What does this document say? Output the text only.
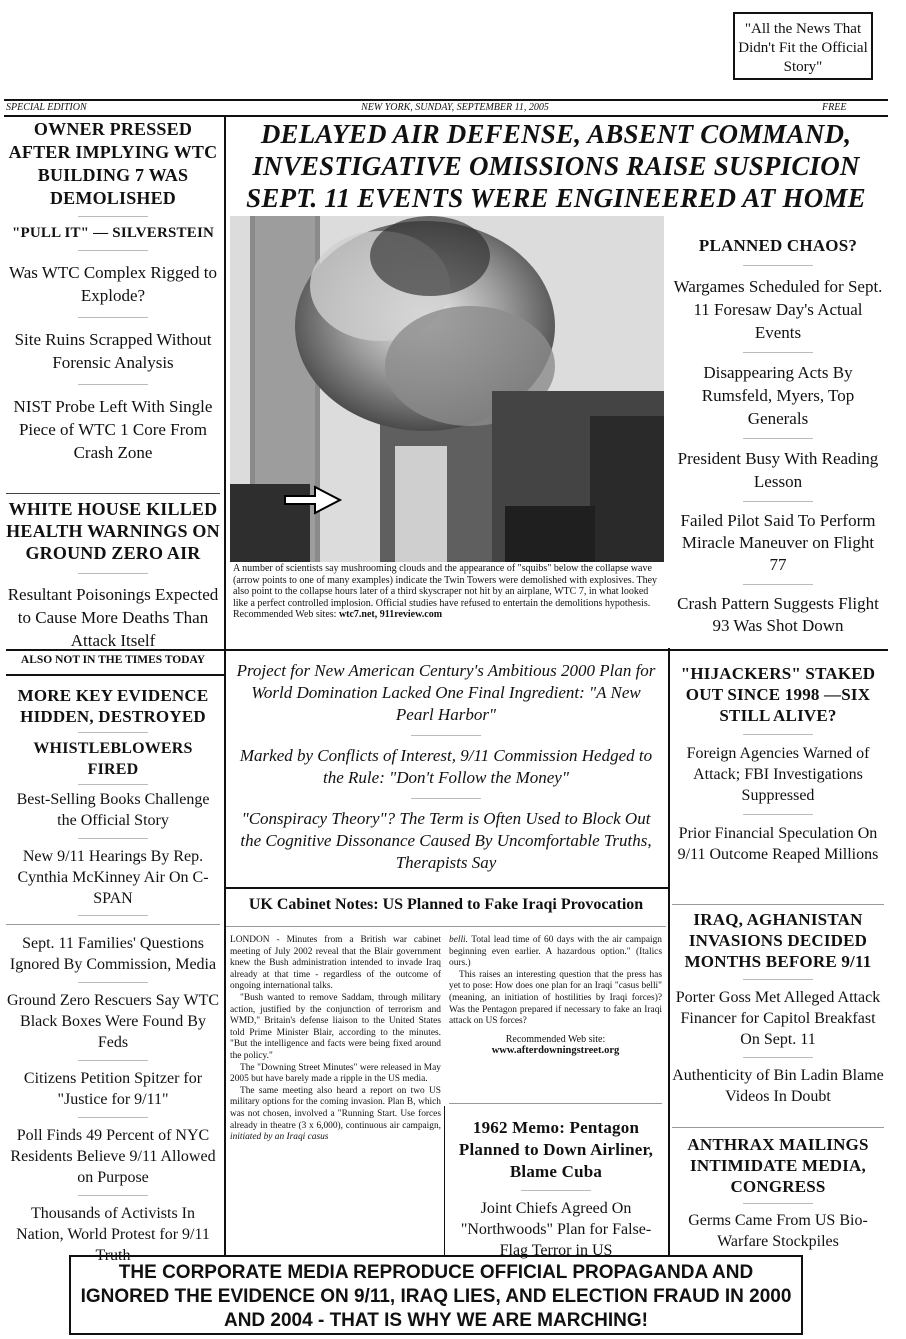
"All the News That Didn't Fit the Official Story"
SPECIAL EDITION	NEW YORK, SUNDAY, SEPTEMBER 11, 2005	FREE
DELAYED AIR DEFENSE, ABSENT COMMAND, INVESTIGATIVE OMISSIONS RAISE SUSPICION SEPT. 11 EVENTS WERE ENGINEERED AT HOME
A number of scientists say mushrooming clouds and the appearance of "squibs" below the collapse wave (arrow points to one of many examples) indicate the Twin Towers were demolished with explosives. They also point to the collapse hours later of a third skyscraper not hit by an airplane, WTC 7, in what looked like a perfect controlled implosion. Official studies have refused to entertain the demolitions hypothesis.
Recommended Web sites: wtc7.net, 911review.com
OWNER PRESSED AFTER IMPLYING WTC BUILDING 7 WAS DEMOLISHED
"PULL IT" — SILVERSTEIN
Was WTC Complex Rigged to Explode?
Site Ruins Scrapped Without Forensic Analysis
NIST Probe Left With Single Piece of WTC 1 Core From Crash Zone
WHITE HOUSE KILLED HEALTH WARNINGS ON GROUND ZERO AIR
Resultant Poisonings Expected to Cause More Deaths Than Attack Itself
ALSO NOT IN THE TIMES TODAY
MORE KEY EVIDENCE HIDDEN, DESTROYED
WHISTLEBLOWERS FIRED
Best-Selling Books Challenge the Official Story
New 9/11 Hearings By Rep. Cynthia McKinney Air On C-SPAN
Sept. 11 Families' Questions Ignored By Commission, Media
Ground Zero Rescuers Say WTC Black Boxes Were Found By Feds
Citizens Petition Spitzer for "Justice for 9/11"
Poll Finds 49 Percent of NYC Residents Believe 9/11 Allowed on Purpose
Thousands of Activists In Nation, World Protest for 9/11 Truth
PLANNED CHAOS?
Wargames Scheduled for Sept. 11 Foresaw Day's Actual Events
Disappearing Acts By Rumsfeld, Myers, Top Generals
President Busy With Reading Lesson
Failed Pilot Said To Perform Miracle Maneuver on Flight 77
Crash Pattern Suggests Flight 93 Was Shot Down
"HIJACKERS" STAKED OUT SINCE 1998 —SIX STILL ALIVE?
Foreign Agencies Warned of Attack; FBI Investigations Suppressed
Prior Financial Speculation On 9/11 Outcome Reaped Millions
IRAQ, AGHANISTAN INVASIONS DECIDED MONTHS BEFORE 9/11
Porter Goss Met Alleged Attack Financer for Capitol Breakfast On Sept. 11
Authenticity of Bin Ladin Blame Videos In Doubt
ANTHRAX MAILINGS INTIMIDATE MEDIA, CONGRESS
Germs Came From US Bio-Warfare Stockpiles
Project for New American Century's Ambitious 2000 Plan for World Domination Lacked One Final Ingredient: "A New Pearl Harbor"
Marked by Conflicts of Interest, 9/11 Commission Hedged to the Rule: "Don't Follow the Money"
"Conspiracy Theory"? The Term is Often Used to Block Out the Cognitive Dissonance Caused By Uncomfortable Truths, Therapists Say
UK Cabinet Notes: US Planned to Fake Iraqi Provocation

LONDON - Minutes from a British war cabinet meeting of July 2002 reveal that the Blair government knew the Bush administration intended to invade Iraq already at that time - regardless of the outcome of ongoing international talks.

"Bush wanted to remove Saddam, through military action, justified by the conjunction of terrorism and WMD," Britain's defense liaison to the United States told Prime Minister Blair, according to the minutes. "But the intelligence and facts were being fixed around the policy."

The "Downing Street Minutes" were released in May 2005 but have barely made a ripple in the US media.

The same meeting also heard a report on two US military options for the coming invasion. Plan B, which was not chosen, involved a "Running Start. Use forces already in theatre (3 x 6,000), continuous air campaign, initiated by an Iraqi casus

belli. Total lead time of 60 days with the air campaign beginning even earlier. A hazardous option." (Italics ours.)

This raises an interesting question that the press has yet to pose: How does one plan for an Iraqi "casus belli" (meaning, an initiation of hostilities by Iraqi forces)? Was the Pentagon prepared if necessary to fake an Iraqi attack on US forces?

Recommended Web site:
www.afterdowningstreet.org
1962 Memo: Pentagon Planned to Down Airliner, Blame Cuba
Joint Chiefs Agreed On "Northwoods" Plan for False-Flag Terror in US
THE CORPORATE MEDIA REPRODUCE OFFICIAL PROPAGANDA AND IGNORED THE EVIDENCE ON 9/11, IRAQ LIES, AND ELECTION FRAUD IN 2000 AND 2004 - THAT IS WHY WE ARE MARCHING!
